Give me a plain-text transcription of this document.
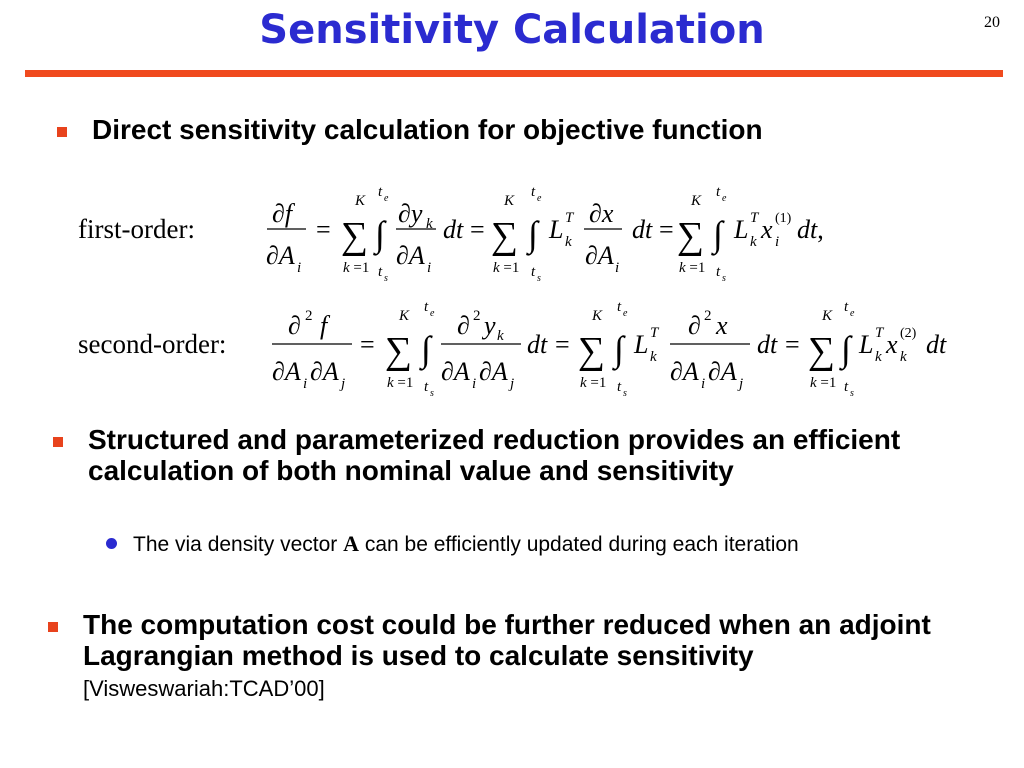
Sensitivity Calculation	20
Direct sensitivity calculation for objective function
first-order:
∂f
∂A i
=
K
∑
k =1
t e
∫
t s
∂y k
∂A i
dt =
K
∑
k =1
t e
∫
t s
L T
k
∂x
∂A i
dt =
K
∑
k =1
t e
∫
t s
L T
k x i
(1) dt,
second-order:
∂ 2 f
∂A i ∂A j
=
K
∑
k =1
t e
∫
t s
∂ 2 y k
∂A i ∂A j
dt =
K
∑
k =1
t e
∫
t s
L T
k
∂ 2 x
∂A i ∂A j
dt =
K
∑
k =1
t e
∫
t s
L T
k x k
(2) dt
Structured and parameterized reduction provides an efficient calculation of both nominal value and sensitivity
The via density vector A can be efficiently updated during each iteration
The computation cost could be further reduced when an adjoint Lagrangian method is used to calculate sensitivity [Visweswariah:TCAD’00]
